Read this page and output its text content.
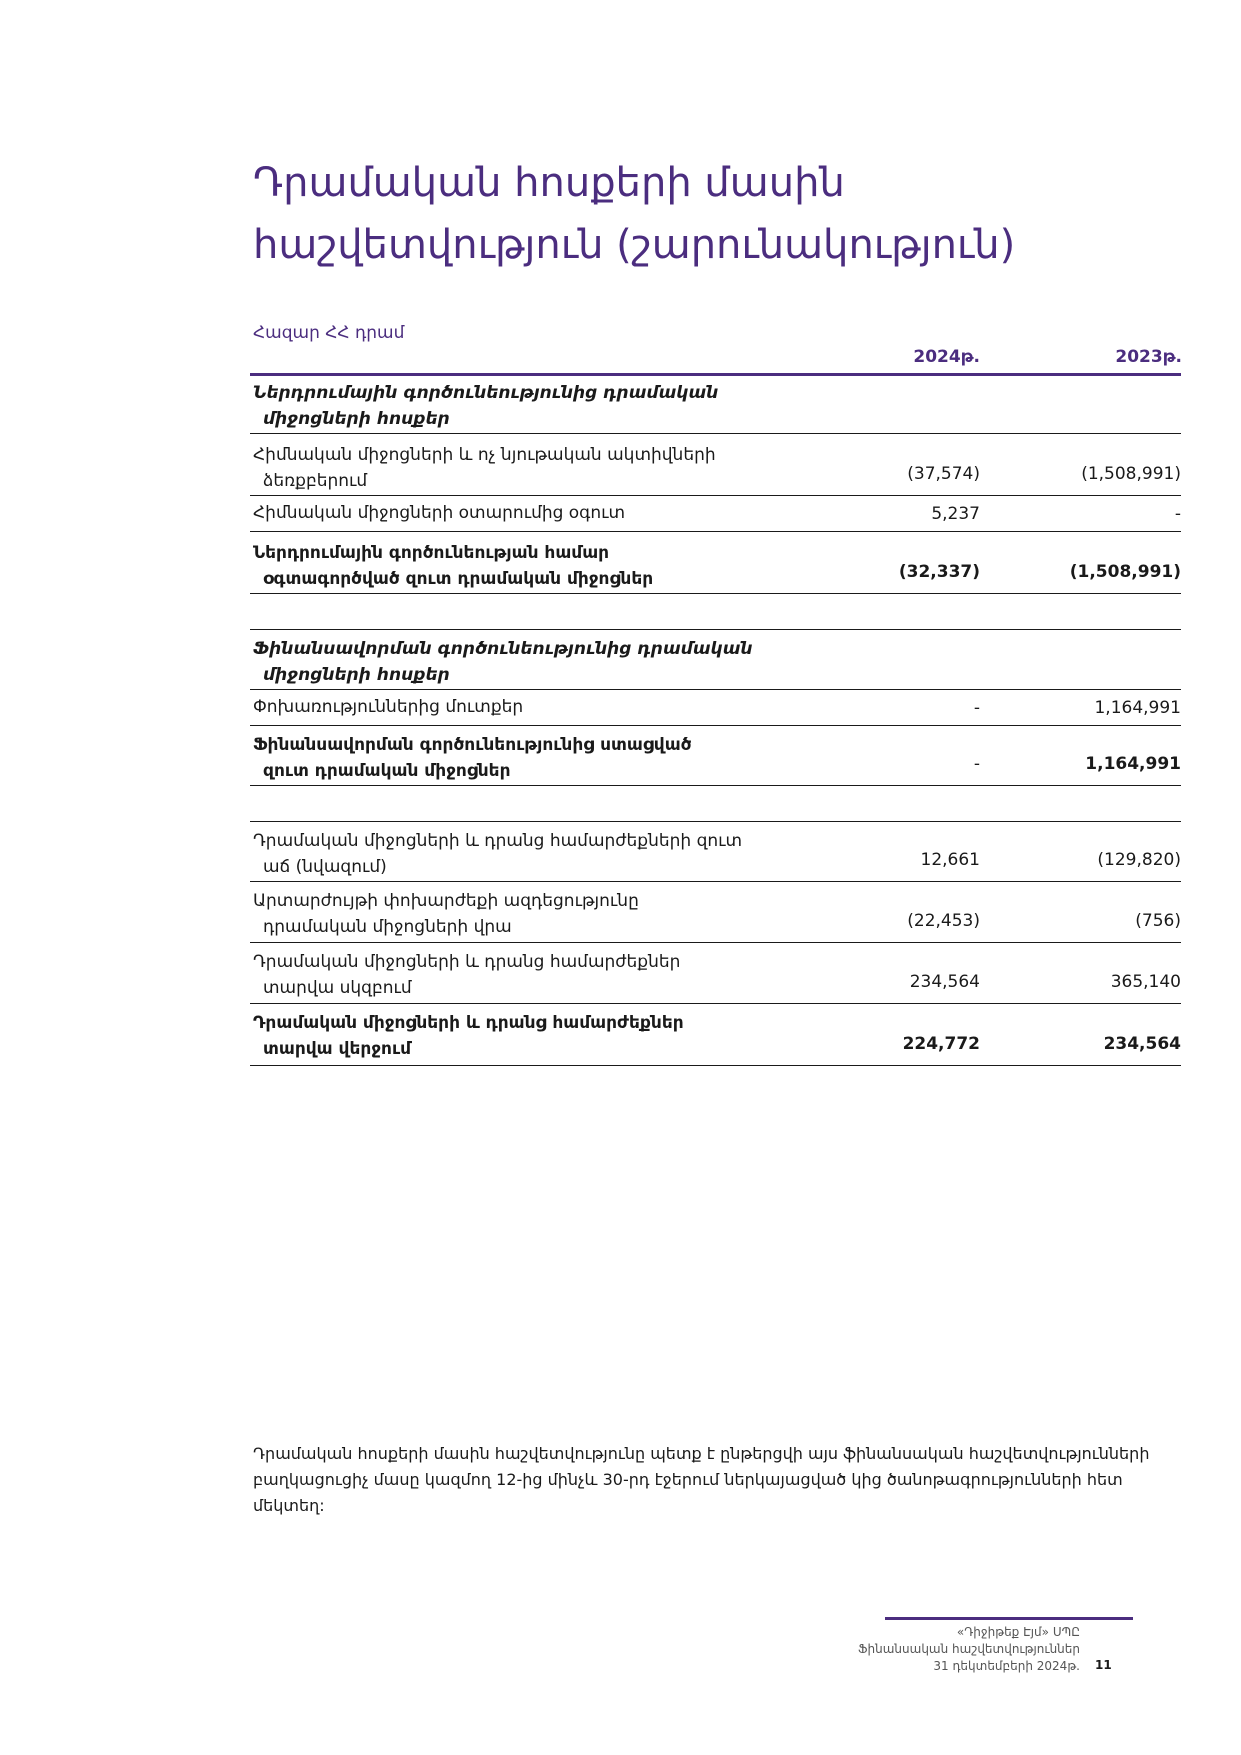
Դրամական հոսքերի մասին
հաշվետվություն (շարունակություն)
Հազար ՀՀ դրամ
2024թ.	2023թ.
Ներդրումային գործունեությունից դրամական
միջոցների հոսքեր
Հիմնական միջոցների և ոչ նյութական ակտիվների
ձեռքբերում	(37,574)	(1,508,991)
Հիմնական միջոցների օտարումից օգուտ	5,237	-
Ներդրումային գործունեության համար
օգտագործված զուտ դրամական միջոցներ	(32,337)	(1,508,991)
Ֆինանսավորման գործունեությունից դրամական
միջոցների հոսքեր
Փոխառություններից մուտքեր	-	1,164,991
Ֆինանսավորման գործունեությունից ստացված
զուտ դրամական միջոցներ	-	1,164,991
Դրամական միջոցների և դրանց համարժեքների զուտ
աճ (նվազում)	12,661	(129,820)
Արտարժույթի փոխարժեքի ազդեցությունը
դրամական միջոցների վրա	(22,453)	(756)
Դրամական միջոցների և դրանց համարժեքներ
տարվա սկզբում	234,564	365,140
Դրամական միջոցների և դրանց համարժեքներ
տարվա վերջում	224,772	234,564
Դրամական հոսքերի մասին հաշվետվությունը պետք է ընթերցվի այս ֆինանսական հաշվետվությունների բաղկացուցիչ մասը կազմող 12-ից մինչև 30-րդ էջերում ներկայացված կից ծանոթագրությունների հետ մեկտեղ:
«Դիջիթեք Էյմ» ՍՊԸ
Ֆինանսական հաշվետվություններ
31 դեկտեմբերի 2024թ. 11
